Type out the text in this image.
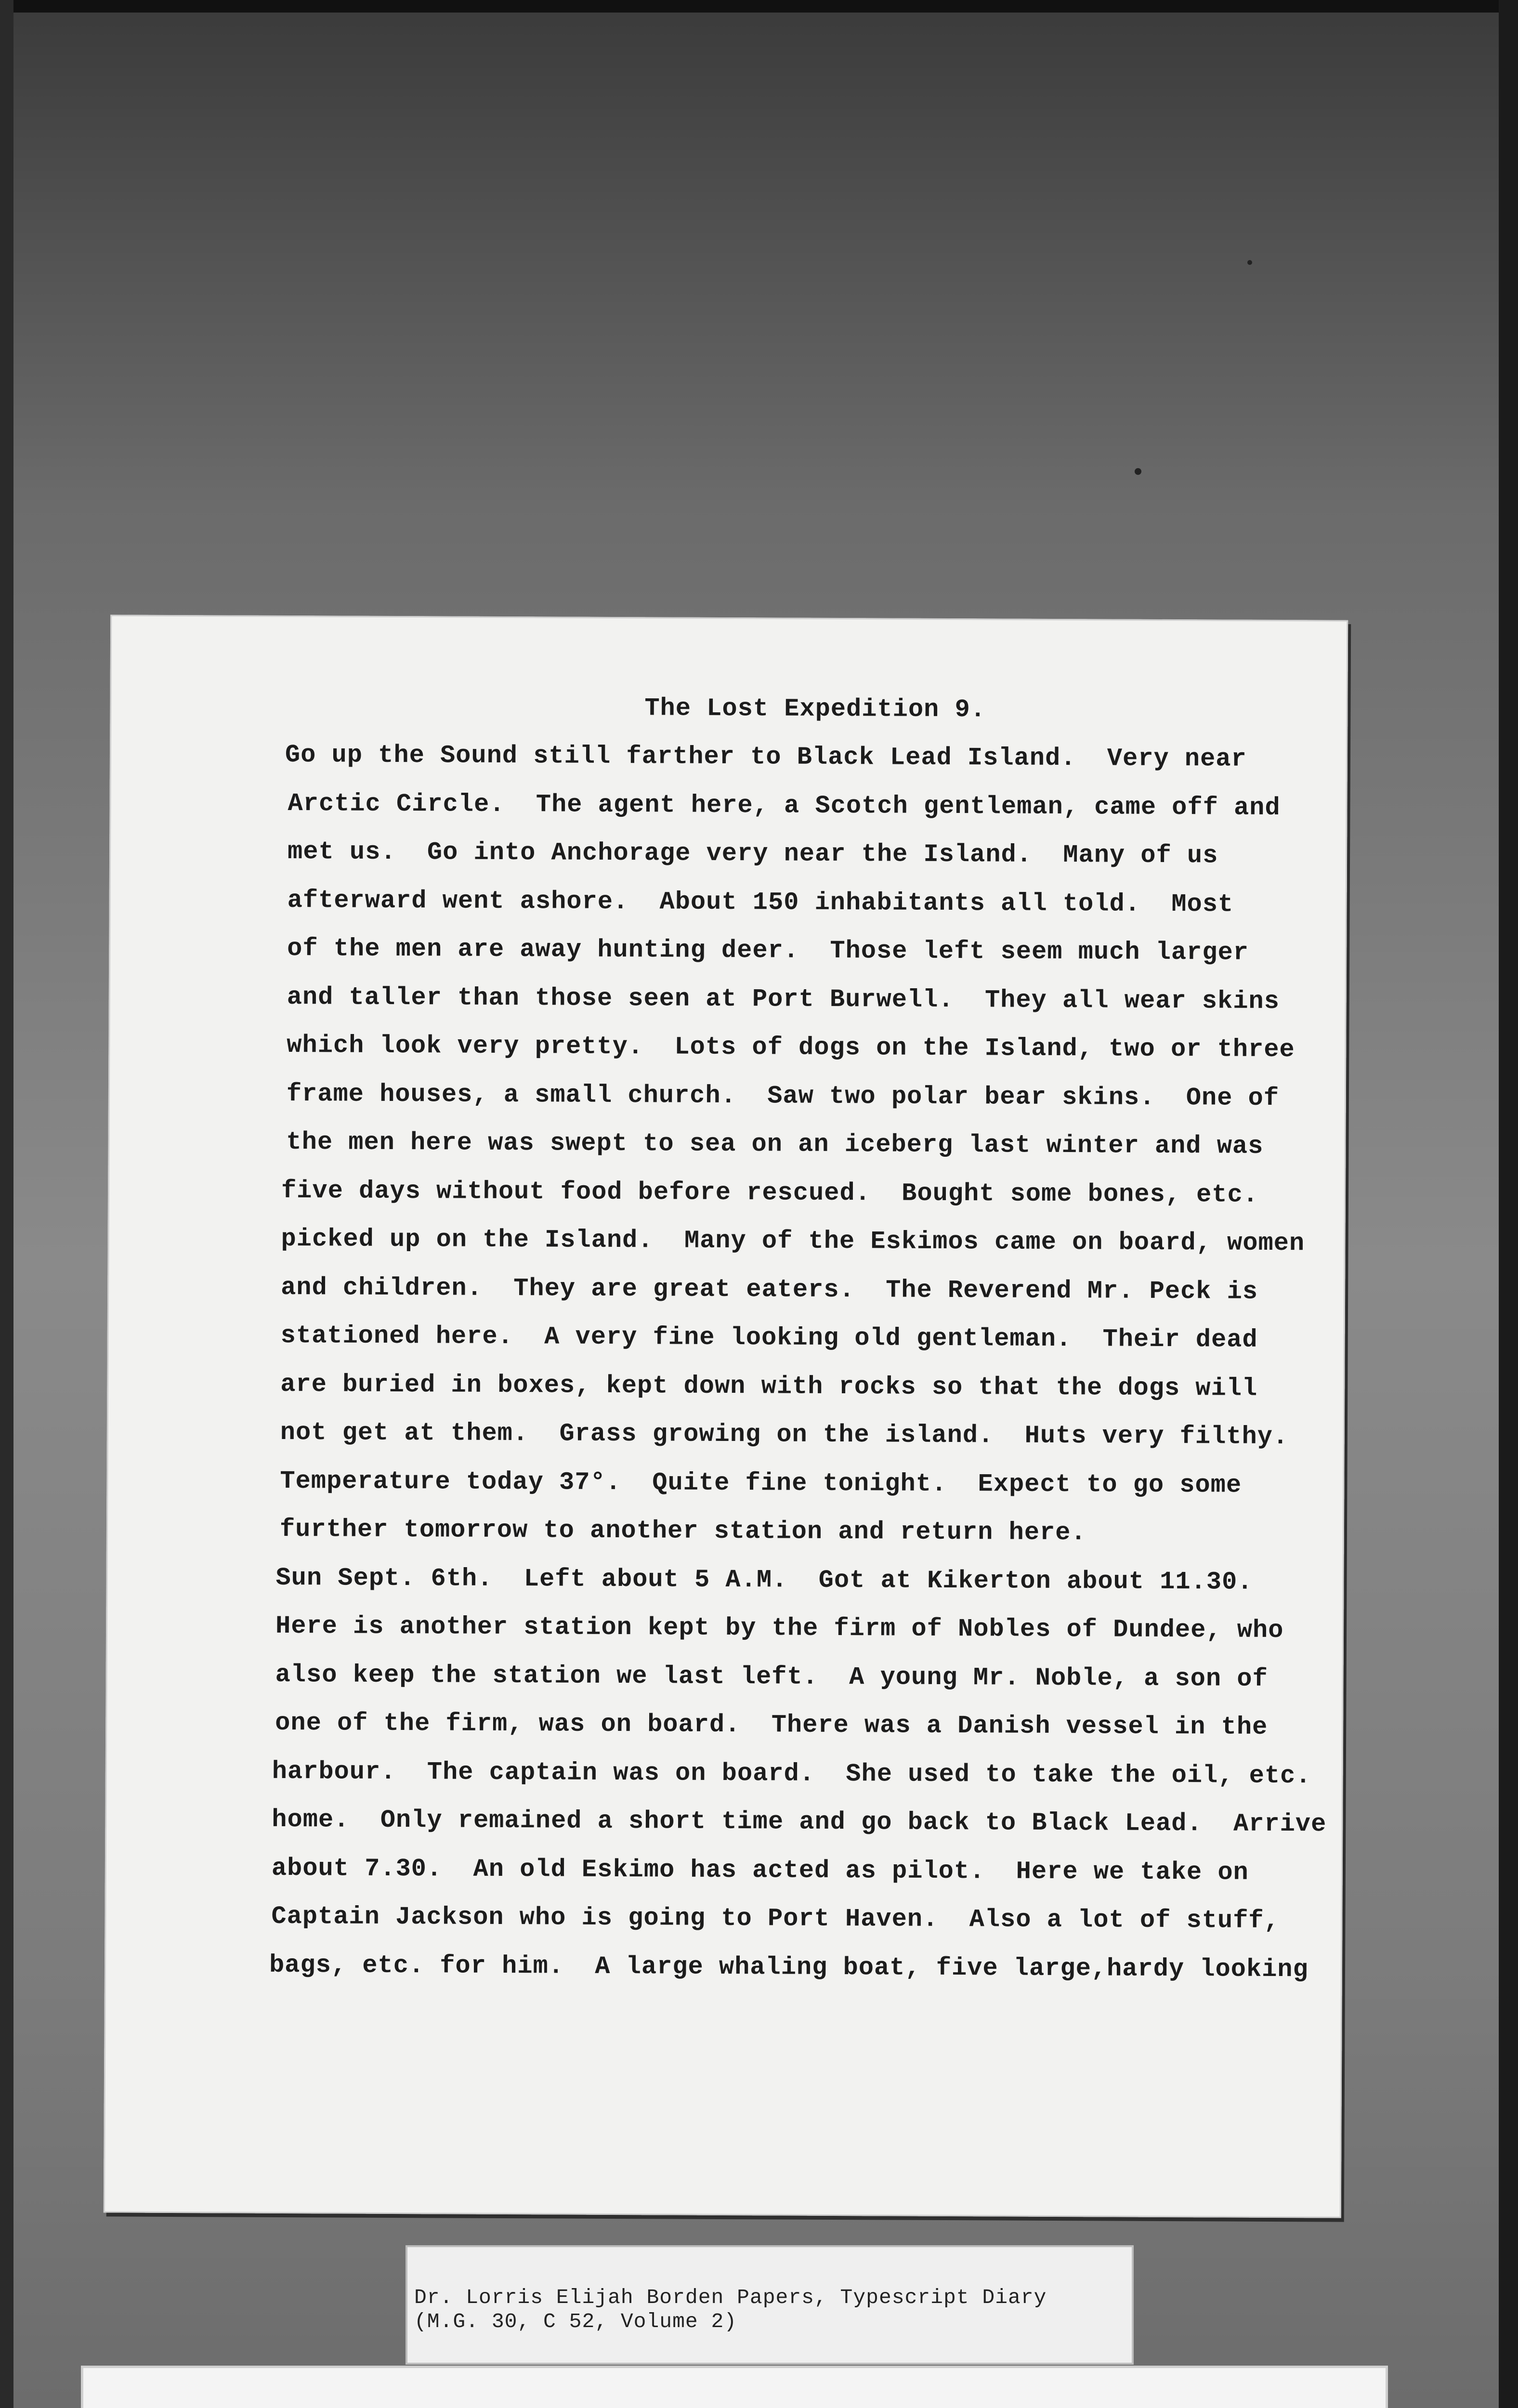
The Lost Expedition 9.
Go up the Sound still farther to Black Lead Island.  Very near
Arctic Circle.  The agent here, a Scotch gentleman, came off and
met us.  Go into Anchorage very near the Island.  Many of us
afterward went ashore.  About 150 inhabitants all told.  Most
of the men are away hunting deer.  Those left seem much larger
and taller than those seen at Port Burwell.  They all wear skins
which look very pretty.  Lots of dogs on the Island, two or three
frame houses, a small church.  Saw two polar bear skins.  One of
the men here was swept to sea on an iceberg last winter and was
five days without food before rescued.  Bought some bones, etc.
picked up on the Island.  Many of the Eskimos came on board, women
and children.  They are great eaters.  The Reverend Mr. Peck is
stationed here.  A very fine looking old gentleman.  Their dead
are buried in boxes, kept down with rocks so that the dogs will
not get at them.  Grass growing on the island.  Huts very filthy.
Temperature today 37°.  Quite fine tonight.  Expect to go some
further tomorrow to another station and return here.
Sun Sept. 6th.  Left about 5 A.M.  Got at Kikerton about 11.30.
Here is another station kept by the firm of Nobles of Dundee, who
also keep the station we last left.  A young Mr. Noble, a son of
one of the firm, was on board.  There was a Danish vessel in the
harbour.  The captain was on board.  She used to take the oil, etc.
home.  Only remained a short time and go back to Black Lead.  Arrive
about 7.30.  An old Eskimo has acted as pilot.  Here we take on
Captain Jackson who is going to Port Haven.  Also a lot of stuff,
bags, etc. for him.  A large whaling boat, five large,hardy looking
Dr. Lorris Elijah Borden Papers, Typescript Diary
(M.G. 30, C 52, Volume 2)
